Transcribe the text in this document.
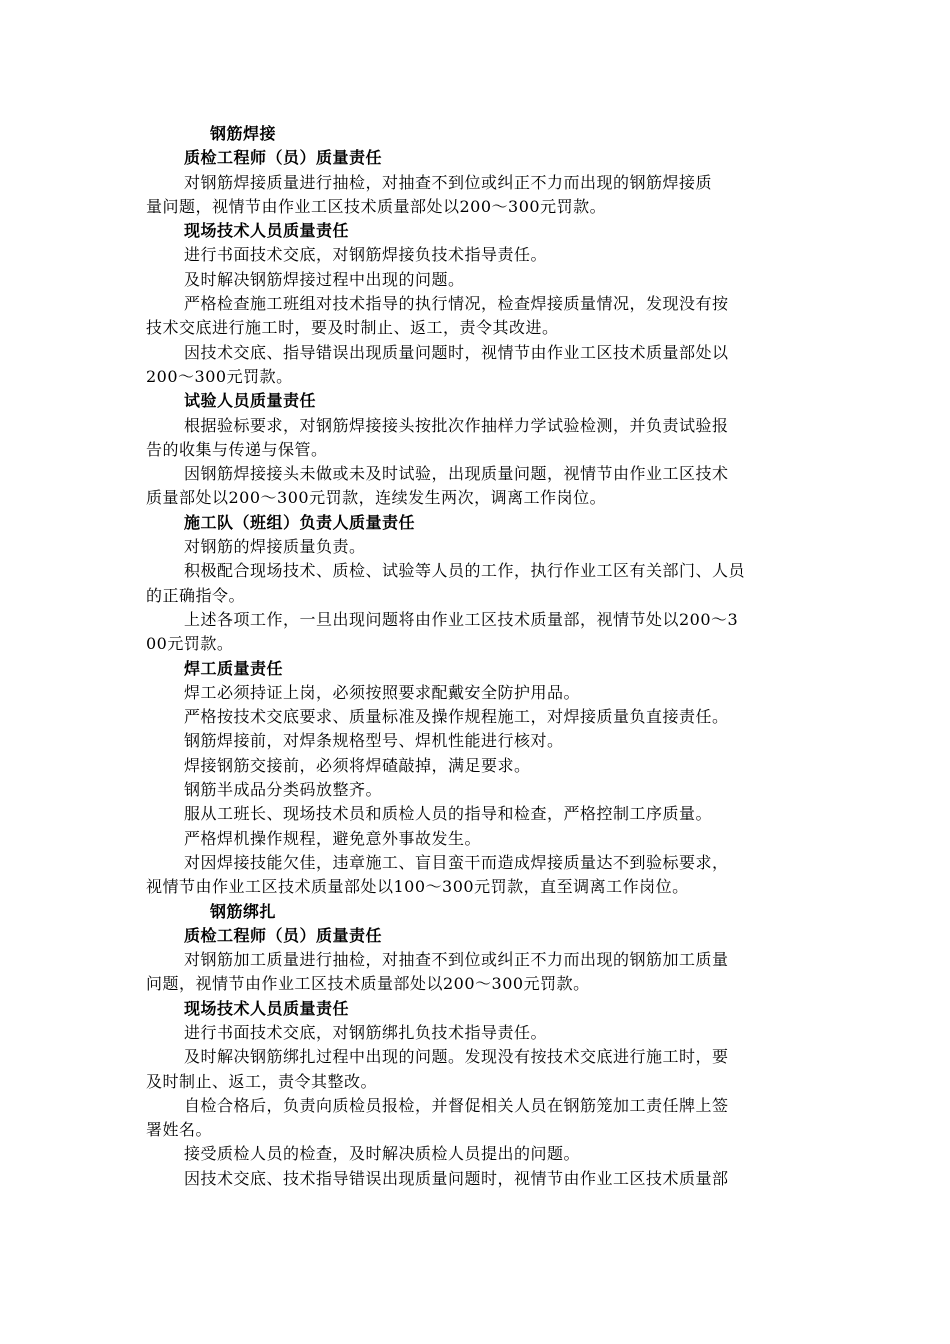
钢筋焊接
质检工程师（员）质量责任
对钢筋焊接质量进行抽检，对抽查不到位或纠正不力而出现的钢筋焊接质
量问题，视情节由作业工区技术质量部处以200～300元罚款。
现场技术人员质量责任
进行书面技术交底，对钢筋焊接负技术指导责任。
及时解决钢筋焊接过程中出现的问题。
严格检查施工班组对技术指导的执行情况，检查焊接质量情况，发现没有按
技术交底进行施工时，要及时制止、返工，责令其改进。
因技术交底、指导错误出现质量问题时，视情节由作业工区技术质量部处以
200～300元罚款。
试验人员质量责任
根据验标要求，对钢筋焊接接头按批次作抽样力学试验检测，并负责试验报
告的收集与传递与保管。
因钢筋焊接接头未做或未及时试验，出现质量问题，视情节由作业工区技术
质量部处以200～300元罚款，连续发生两次，调离工作岗位。
施工队（班组）负责人质量责任
对钢筋的焊接质量负责。
积极配合现场技术、质检、试验等人员的工作，执行作业工区有关部门、人员
的正确指令。
上述各项工作，一旦出现问题将由作业工区技术质量部，视情节处以200～3
00元罚款。
焊工质量责任
焊工必须持证上岗，必须按照要求配戴安全防护用品。
严格按技术交底要求、质量标准及操作规程施工，对焊接质量负直接责任。
钢筋焊接前，对焊条规格型号、焊机性能进行核对。
焊接钢筋交接前，必须将焊碴敲掉，满足要求。
钢筋半成品分类码放整齐。
服从工班长、现场技术员和质检人员的指导和检查，严格控制工序质量。
严格焊机操作规程，避免意外事故发生。
对因焊接技能欠佳，违章施工、盲目蛮干而造成焊接质量达不到验标要求，
视情节由作业工区技术质量部处以100～300元罚款，直至调离工作岗位。
钢筋绑扎
质检工程师（员）质量责任
对钢筋加工质量进行抽检，对抽查不到位或纠正不力而出现的钢筋加工质量
问题，视情节由作业工区技术质量部处以200～300元罚款。
现场技术人员质量责任
进行书面技术交底，对钢筋绑扎负技术指导责任。
及时解决钢筋绑扎过程中出现的问题。发现没有按技术交底进行施工时，要
及时制止、返工，责令其整改。
自检合格后，负责向质检员报检，并督促相关人员在钢筋笼加工责任牌上签
署姓名。
接受质检人员的检查，及时解决质检人员提出的问题。
因技术交底、技术指导错误出现质量问题时，视情节由作业工区技术质量部
